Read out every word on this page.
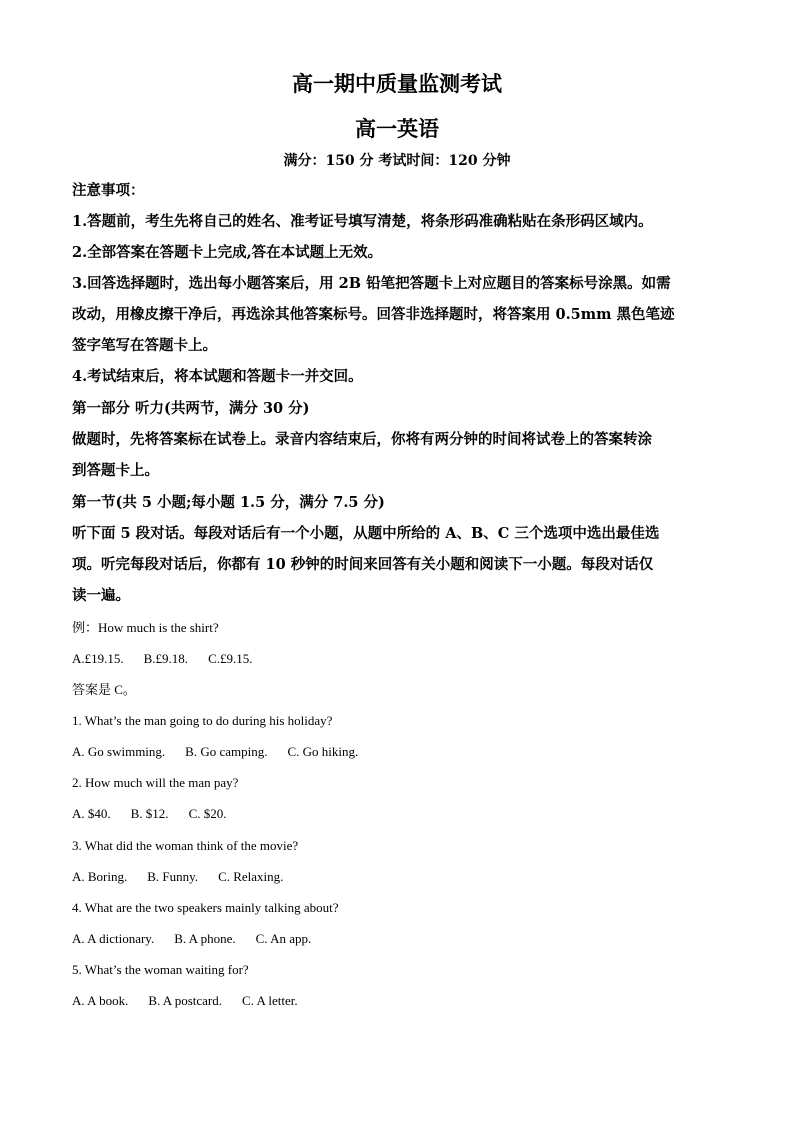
高一期中质量监测考试
高一英语
满分：150 分 考试时间：120 分钟
注意事项：
1.答题前，考生先将自己的姓名、准考证号填写清楚，将条形码准确粘贴在条形码区域内。
2.全部答案在答题卡上完成,答在本试题上无效。
3.回答选择题时，选出每小题答案后，用 2B 铅笔把答题卡上对应题目的答案标号涂黑。如需
改动，用橡皮擦干净后，再选涂其他答案标号。回答非选择题时，将答案用 0.5mm 黑色笔迹
签字笔写在答题卡上。
4.考试结束后，将本试题和答题卡一并交回。
第一部分 听力(共两节，满分 30 分)
做题时，先将答案标在试卷上。录音内容结束后，你将有两分钟的时间将试卷上的答案转涂
到答题卡上。
第一节(共 5 小题;每小题 1.5 分，满分 7.5 分)
听下面 5 段对话。每段对话后有一个小题，从题中所给的 A、B、C 三个选项中选出最佳选
项。听完每段对话后，你都有 10 秒钟的时间来回答有关小题和阅读下一小题。每段对话仅
读一遍。
例：How much is the shirt?
A.£19.15. B.£9.18. C.£9.15.
答案是 C。
1. What’s the man going to do during his holiday?
A. Go swimming. B. Go camping. C. Go hiking.
2. How much will the man pay?
A. $40. B. $12. C. $20.
3. What did the woman think of the movie?
A. Boring. B. Funny. C. Relaxing.
4. What are the two speakers mainly talking about?
A. A dictionary. B. A phone. C. An app.
5. What’s the woman waiting for?
A. A book. B. A postcard. C. A letter.
